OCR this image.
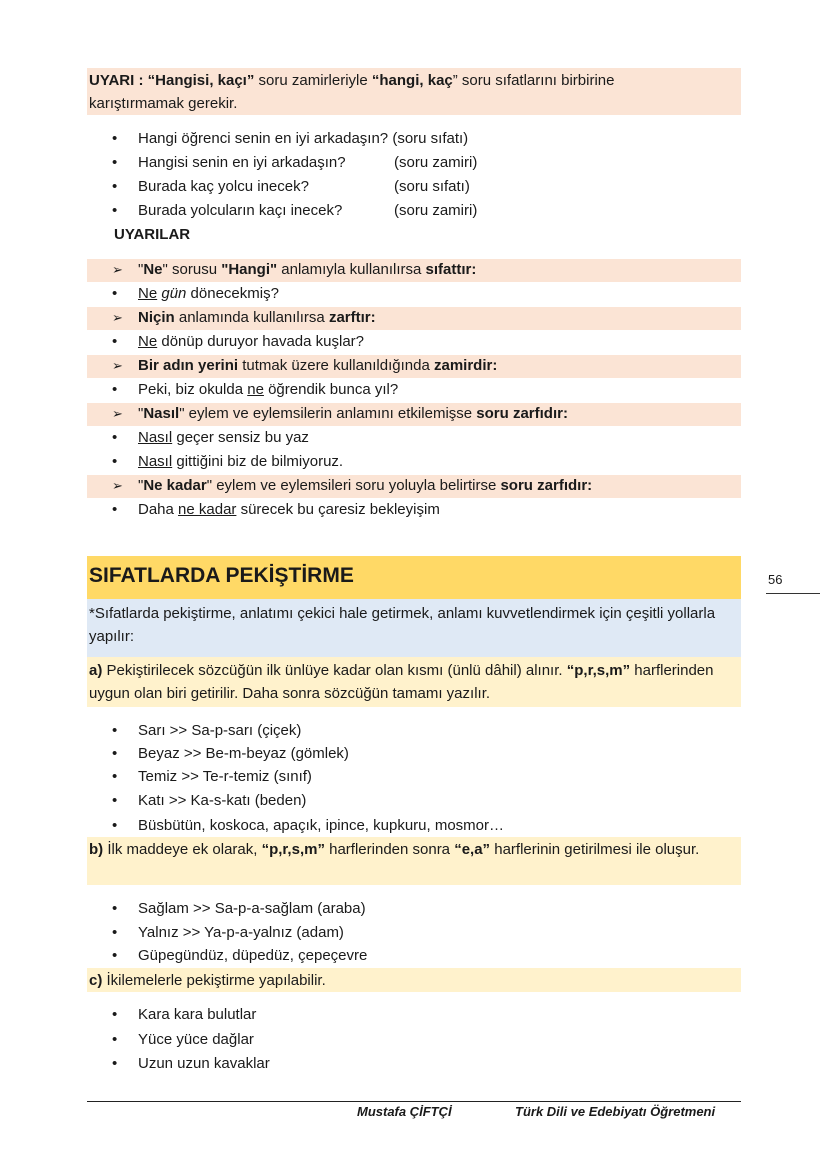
UYARI : “Hangisi, kaçı” soru zamirleriyle “hangi, kaç” soru sıfatlarını birbirine
karıştırmamak gerekir.
• Hangi öğrenci senin en iyi arkadaşın? (soru sıfatı)
• Hangisi senin en iyi arkadaşın?	(soru zamiri)
• Burada kaç yolcu inecek?	(soru sıfatı)
• Burada yolcuların kaçı inecek?	(soru zamiri)
UYARILAR
➢ "Ne" sorusu "Hangi" anlamıyla kullanılırsa sıfattır:
• Ne gün dönecekmiş?
➢ Niçin anlamında kullanılırsa zarftır:
• Ne dönüp duruyor havada kuşlar?
➢ Bir adın yerini tutmak üzere kullanıldığında zamirdir:
• Peki, biz okulda ne öğrendik bunca yıl?
➢ "Nasıl" eylem ve eylemsilerin anlamını etkilemişse soru zarfıdır:
• Nasıl geçer sensiz bu yaz
• Nasıl gittiğini biz de bilmiyoruz.
➢ "Ne kadar" eylem ve eylemsileri soru yoluyla belirtirse soru zarfıdır:
• Daha ne kadar sürecek bu çaresiz bekleyişim
SIFATLARDA PEKİŞTİRME	56
*Sıfatlarda pekiştirme, anlatımı çekici hale getirmek, anlamı kuvvetlendirmek için çeşitli yollarla yapılır:
a) Pekiştirilecek sözcüğün ilk ünlüye kadar olan kısmı (ünlü dâhil) alınır. “p,r,s,m” harflerinden uygun olan biri getirilir. Daha sonra sözcüğün tamamı yazılır.
• Sarı >> Sa-p-sarı (çiçek)
• Beyaz >> Be-m-beyaz (gömlek)
• Temiz >> Te-r-temiz (sınıf)
• Katı >> Ka-s-katı (beden)
• Büsbütün, koskoca, apaçık, ipince, kupkuru, mosmor…
b) İlk maddeye ek olarak, “p,r,s,m” harflerinden sonra “e,a” harflerinin getirilmesi ile oluşur.
• Sağlam >> Sa-p-a-sağlam (araba)
• Yalnız >> Ya-p-a-yalnız (adam)
• Güpegündüz, düpedüz, çepeçevre
c) İkilemelerle pekiştirme yapılabilir.
• Kara kara bulutlar
• Yüce yüce dağlar
• Uzun uzun kavaklar
Mustafa ÇİFTÇİ	Türk Dili ve Edebiyatı Öğretmeni
